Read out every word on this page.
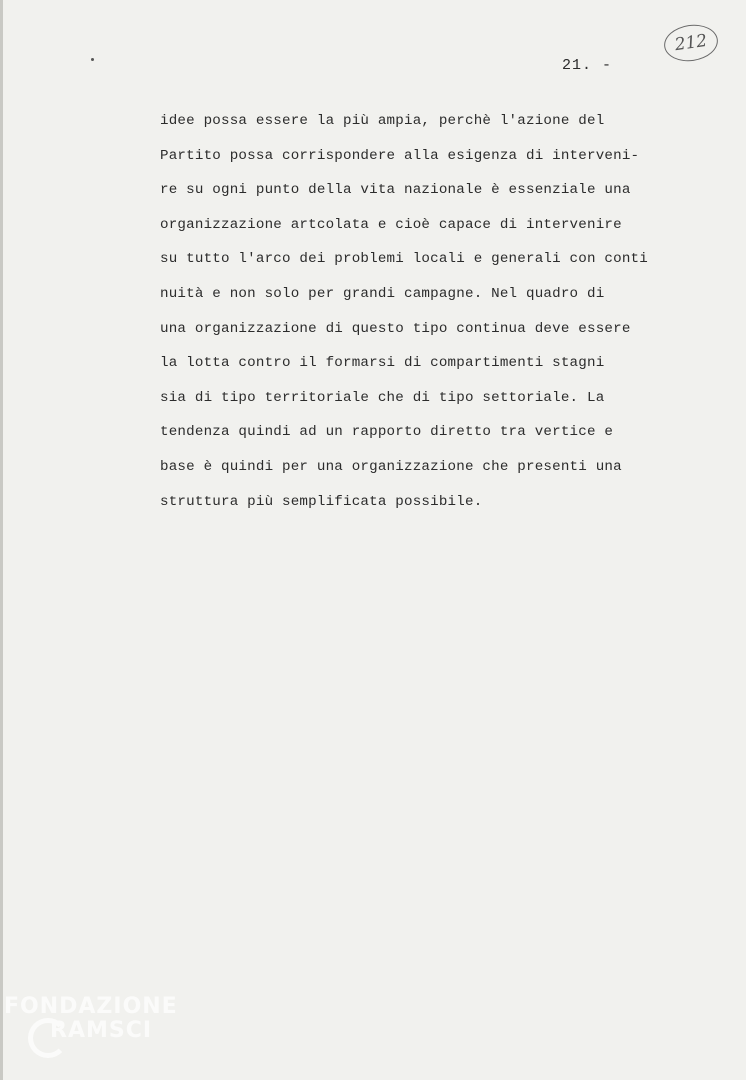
21. -
212
idee possa essere la più ampia, perchè l'azione del
Partito possa corrispondere alla esigenza di interveni-
re su ogni punto della vita nazionale è essenziale una
organizzazione artcolata e cioè capace di intervenire
su tutto l'arco dei problemi locali e generali con conti
nuità e non solo per grandi campagne. Nel quadro di
una organizzazione di questo tipo continua deve essere
la lotta contro il formarsi di compartimenti stagni
sia di tipo territoriale che di tipo settoriale. La
tendenza quindi ad un rapporto diretto tra vertice e
base è quindi per una organizzazione che presenti una
struttura più semplificata possibile.
FONDAZIONE
RAMSCI
